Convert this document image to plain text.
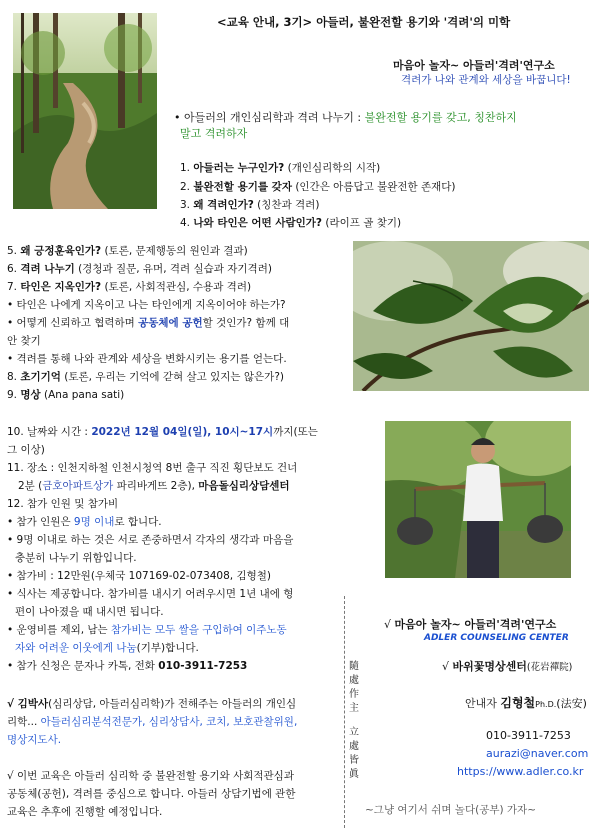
<교육 안내, 3기> 아들러, 불완전할 용기와 '격려'의 미학
마음아 놀자~ 아들러'격려'연구소
격려가 나와 관계와 세상을 바꿉니다!
• 아들러의 개인심리학과 격려 나누기 : 불완전할 용기를 갖고, 칭찬하지
말고 격려하자
1. 아들러는 누구인가? (개인심리학의 시작)
2. 불완전할 용기를 갖자 (인간은 아름답고 불완전한 존재다)
3. 왜 격려인가? (칭찬과 격려)
4. 나와 타인은 어떤 사람인가? (라이프 골 찾기)
5. 왜 긍정훈육인가? (토론, 문제행동의 원인과 결과)
6. 격려 나누기 (경청과 질문, 유머, 격려 실습과 자기격려)
7. 타인은 지옥인가? (토론, 사회적관심, 수용과 격려)
• 타인은 나에게 지옥이고 나는 타인에게 지옥이어야 하는가?
• 어떻게 신뢰하고 협력하며 공동체에 공헌할 것인가? 함께 대
안 찾기
• 격려를 통해 나와 관계와 세상을 변화시키는 용기를 얻는다.
8. 초기기억 (토론, 우리는 기억에 갇혀 살고 있지는 않은가?)
9. 명상 (Ana pana sati)
10. 날짜와 시간 : 2022년 12월 04일(일), 10시~17시까지(또는
그 이상)
11. 장소 : 인천지하철 인천시청역 8번 출구 직진 횡단보도 건너
2분 (금호아파트상가 파리바게뜨 2층), 마음돌심리상담센터
12. 참가 인원 및 참가비
• 참가 인원은 9명 이내로 합니다.
• 9명 이내로 하는 것은 서로 존중하면서 각자의 생각과 마음을
충분히 나누기 위함입니다.
• 참가비 : 12만원(우체국 107169-02-073408, 김형철)
• 식사는 제공합니다. 참가비를 내시기 어려우시면 1년 내에 형
편이 나아졌을 때 내시면 됩니다.
• 운영비를 제외, 남는 참가비는 모두 쌀을 구입하여 이주노동
자와 어려운 이웃에게 나눔(기부)합니다.
• 참가 신청은 문자나 카톡, 전화 010-3911-7253
√ 김박사(심리상담, 아들러심리학)가 전해주는 아들러의 개인심
리학... 아들러심리분석전문가, 심리상담사, 코치, 보호관찰위원,
명상지도사.
√ 이번 교육은 아들러 심리학 중 불완전할 용기와 사회적관심과
공동체(공헌), 격려를 중심으로 합니다. 아들러 상담기법에 관한
교육은 추후에 진행할 예정입니다.
隨
處
作
主
立
處
皆
眞
√ 마음아 놀자~ 아들러'격려'연구소
ADLER COUNSELING CENTER
√ 바위꽃명상센터(花岩禪院)
안내자 김형철Ph.D.(法安)
010-3911-7253
aurazi@naver.com
https://www.adler.co.kr
~그냥 여기서 쉬며 놀다(공부) 가자~
